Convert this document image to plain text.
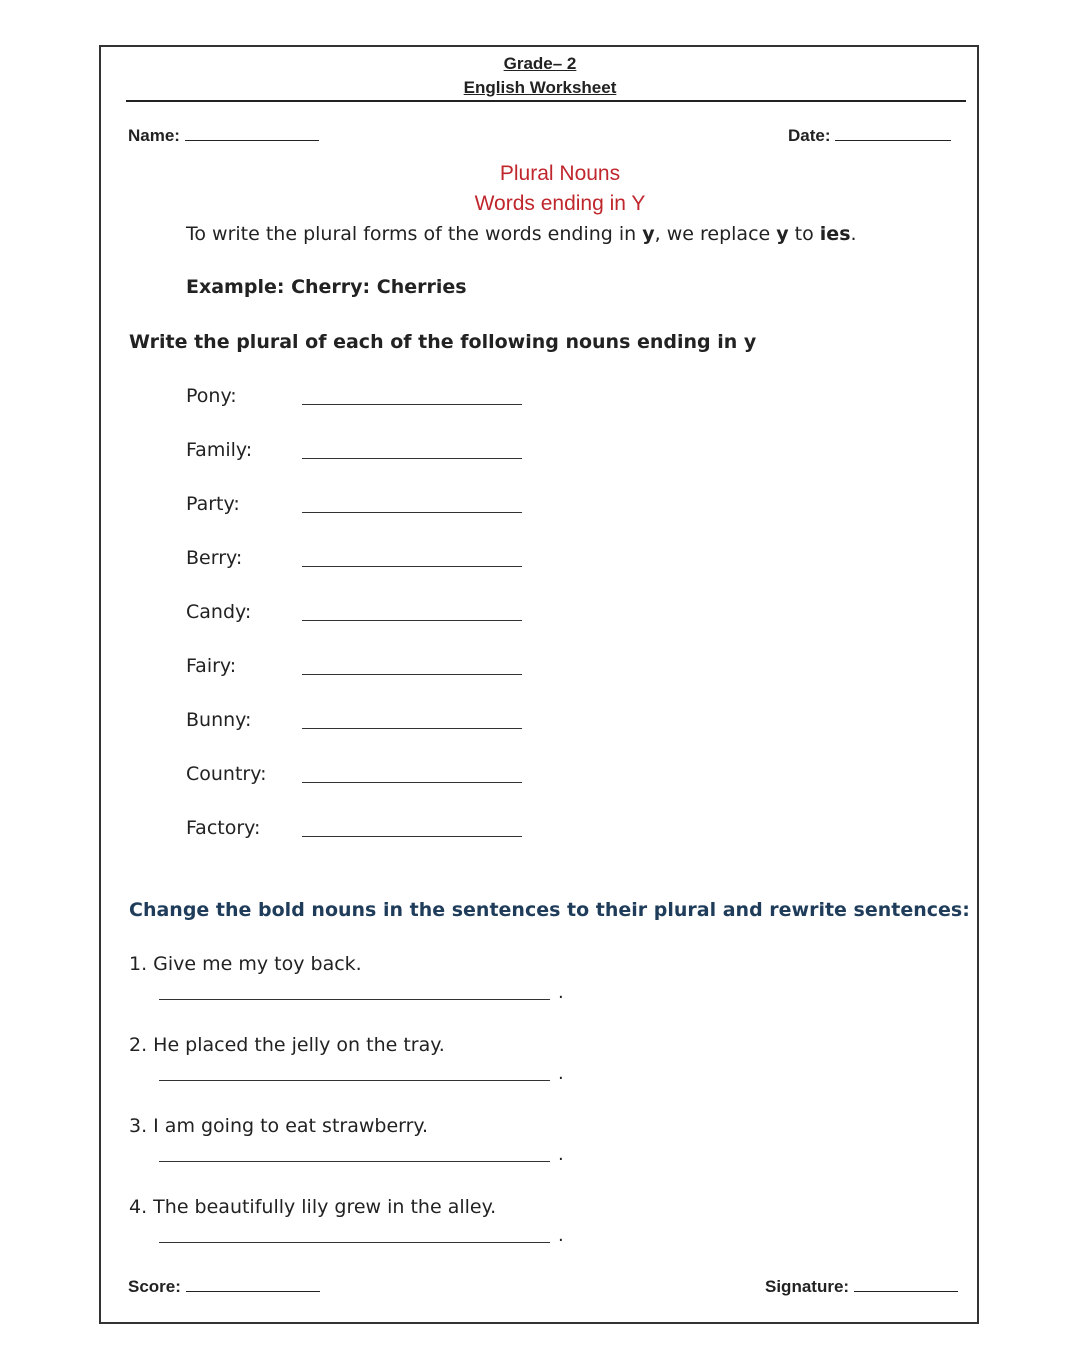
Grade– 2
English Worksheet
Name:	Date:
Plural Nouns
Words ending in Y
To write the plural forms of the words ending in y, we replace y to ies.
Example: Cherry: Cherries
Write the plural of each of the following nouns ending in y
Pony:
Family:
Party:
Berry:
Candy:
Fairy:
Bunny:
Country:
Factory:
Change the bold nouns in the sentences to their plural and rewrite sentences:
1. Give me my toy back.
.
2. He placed the jelly on the tray.
.
3. I am going to eat strawberry.
.
4. The beautifully lily grew in the alley.
.
Score:	Signature:
